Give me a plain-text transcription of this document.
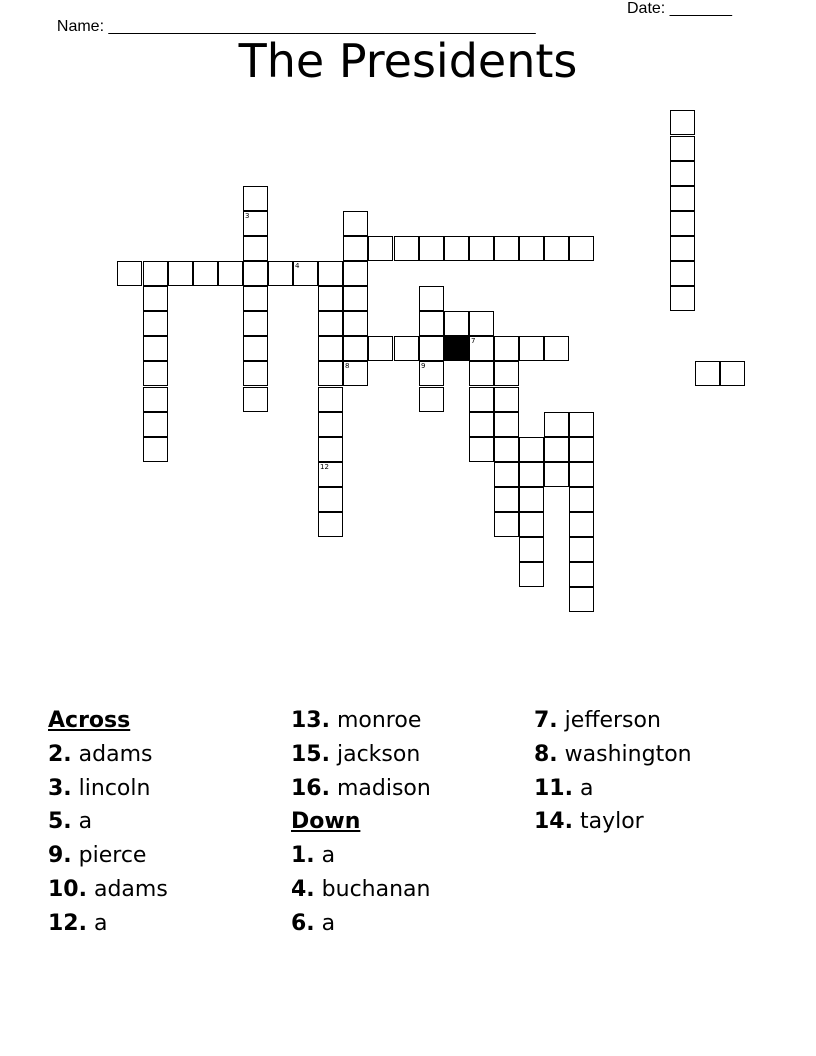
Name: ________________________________________________

Date: _______

The Presidents
4
3
8
7
12
9
Across
2. adams
3. lincoln
5. a
9. pierce
10. adams
12. a
13. monroe
15. jackson
16. madison
Down
1. a
4. buchanan
6. a
7. jefferson
8. washington
11. a
14. taylor
